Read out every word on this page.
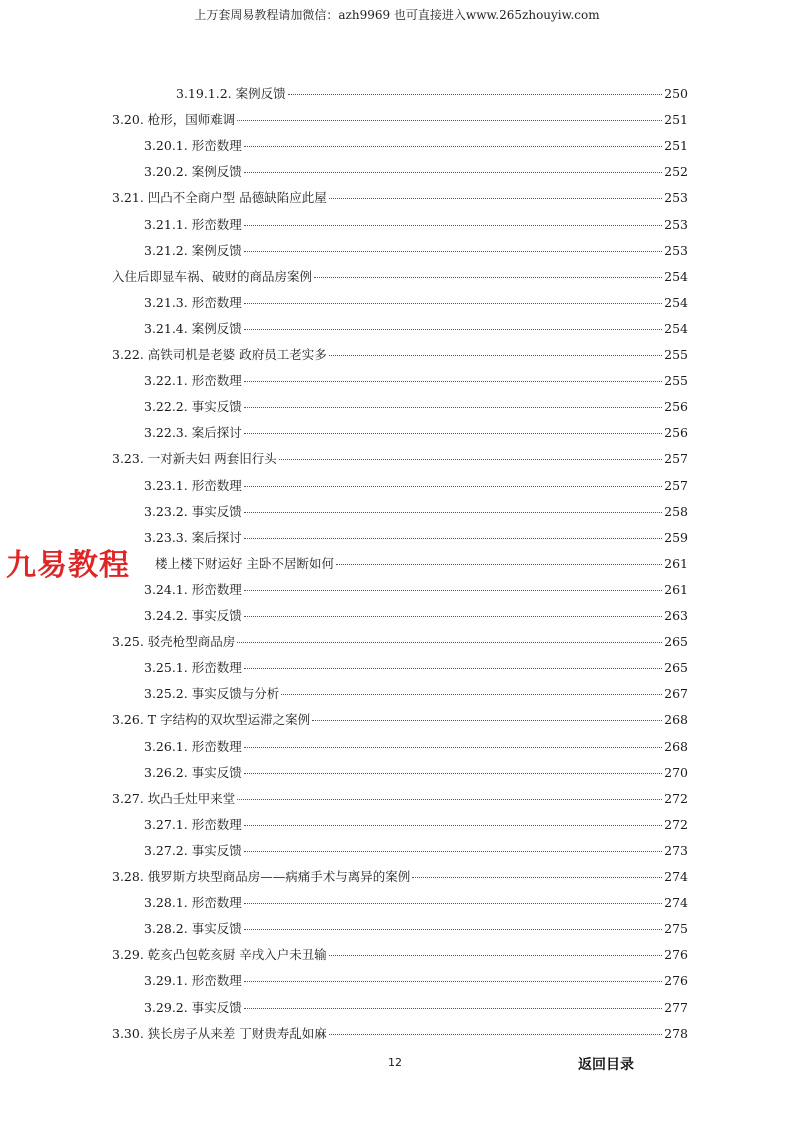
上万套周易教程请加微信：azh9969 也可直接进入www.265zhouyiw.com
3.19.1.2. 案例反馈	250
3.20. 枪形，国师难调	251
3.20.1. 形峦数理	251
3.20.2. 案例反馈	252
3.21. 凹凸不全商户型 品德缺陷应此屋	253
3.21.1. 形峦数理	253
3.21.2. 案例反馈	253
入住后即显车祸、破财的商品房案例	254
3.21.3. 形峦数理	254
3.21.4. 案例反馈	254
3.22. 高铁司机是老婆 政府员工老实多	255
3.22.1. 形峦数理	255
3.22.2. 事实反馈	256
3.22.3. 案后探讨	256
3.23. 一对新夫妇 两套旧行头	257
3.23.1. 形峦数理	257
3.23.2. 事实反馈	258
3.23.3. 案后探讨	259
楼上楼下财运好 主卧不居断如何	261
3.24.1. 形峦数理	261
3.24.2. 事实反馈	263
3.25. 驳壳枪型商品房	265
3.25.1. 形峦数理	265
3.25.2. 事实反馈与分析	267
3.26. T 字结构的双坎型运滞之案例	268
3.26.1. 形峦数理	268
3.26.2. 事实反馈	270
3.27. 坎凸壬灶甲来堂	272
3.27.1. 形峦数理	272
3.27.2. 事实反馈	273
3.28. 俄罗斯方块型商品房——病痛手术与离异的案例	274
3.28.1. 形峦数理	274
3.28.2. 事实反馈	275
3.29. 乾亥凸包乾亥厨 辛戌入户未丑输	276
3.29.1. 形峦数理	276
3.29.2. 事实反馈	277
3.30. 狭长房子从来差 丁财贵寿乱如麻	278
九易教程
12	返回目录
